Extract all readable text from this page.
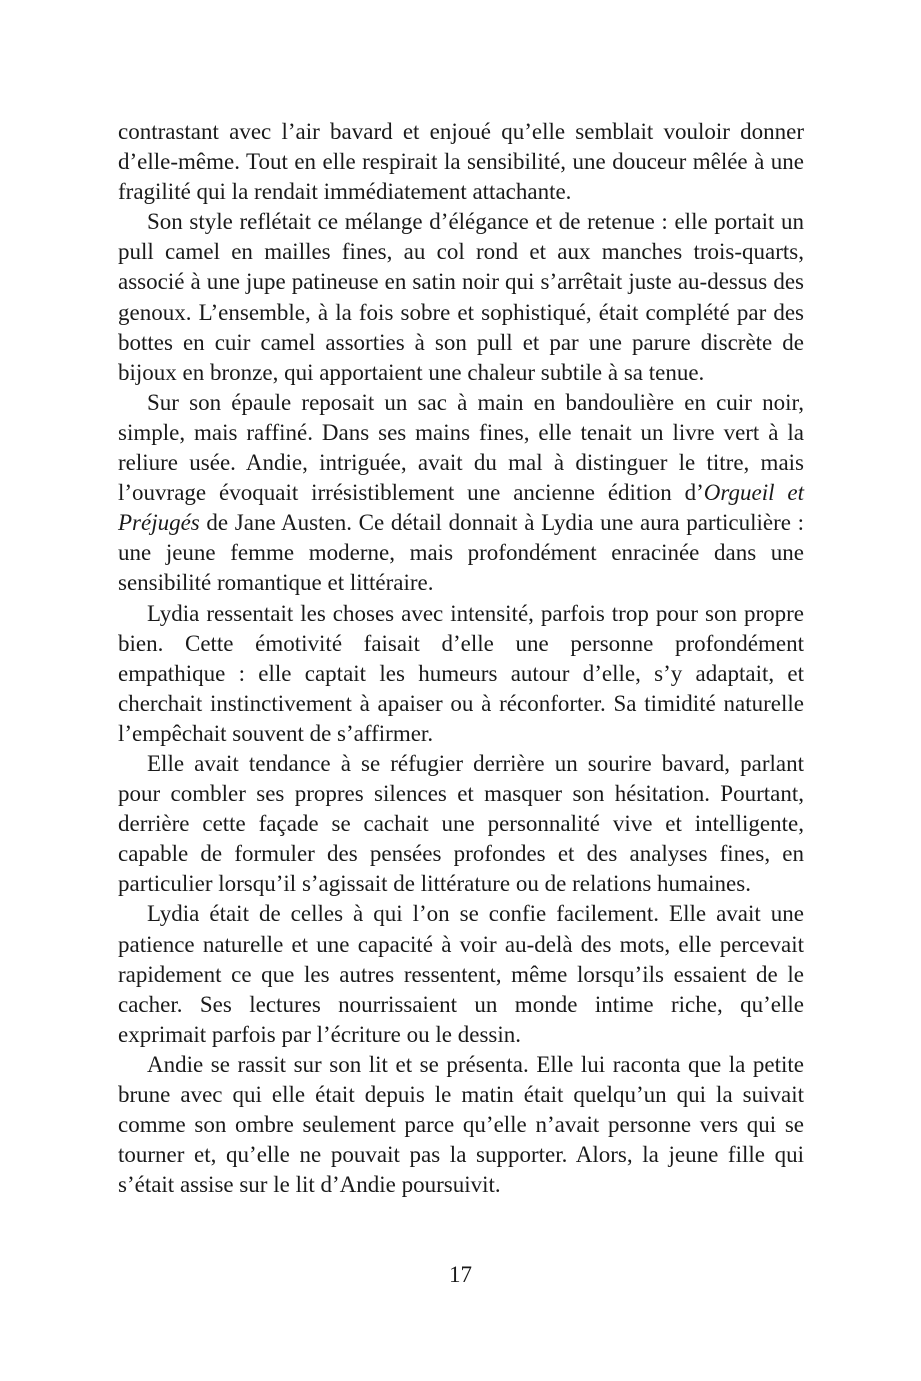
contrastant avec l’air bavard et enjoué qu’elle semblait vouloir donner d’elle-même. Tout en elle respirait la sensibilité, une douceur mêlée à une fragilité qui la rendait immédiatement attachante.

Son style reflétait ce mélange d’élégance et de retenue : elle portait un pull camel en mailles fines, au col rond et aux manches trois-quarts, associé à une jupe patineuse en satin noir qui s’arrêtait juste au-dessus des genoux. L’ensemble, à la fois sobre et sophistiqué, était complété par des bottes en cuir camel assorties à son pull et par une parure discrète de bijoux en bronze, qui apportaient une chaleur subtile à sa tenue.

Sur son épaule reposait un sac à main en bandoulière en cuir noir, simple, mais raffiné. Dans ses mains fines, elle tenait un livre vert à la reliure usée. Andie, intriguée, avait du mal à distinguer le titre, mais l’ouvrage évoquait irrésistiblement une ancienne édition d’Orgueil et Préjugés de Jane Austen. Ce détail donnait à Lydia une aura particulière : une jeune femme moderne, mais profondément enracinée dans une sensibilité romantique et littéraire.

Lydia ressentait les choses avec intensité, parfois trop pour son propre bien. Cette émotivité faisait d’elle une personne profondément empathique : elle captait les humeurs autour d’elle, s’y adaptait, et cherchait instinctivement à apaiser ou à réconforter. Sa timidité naturelle l’empêchait souvent de s’affirmer.

Elle avait tendance à se réfugier derrière un sourire bavard, parlant pour combler ses propres silences et masquer son hésitation. Pourtant, derrière cette façade se cachait une personnalité vive et intelligente, capable de formuler des pensées profondes et des analyses fines, en particulier lorsqu’il s’agissait de littérature ou de relations humaines.

Lydia était de celles à qui l’on se confie facilement. Elle avait une patience naturelle et une capacité à voir au-delà des mots, elle percevait rapidement ce que les autres ressentent, même lorsqu’ils essaient de le cacher. Ses lectures nourrissaient un monde intime riche, qu’elle exprimait parfois par l’écriture ou le dessin.

Andie se rassit sur son lit et se présenta. Elle lui raconta que la petite brune avec qui elle était depuis le matin était quelqu’un qui la suivait comme son ombre seulement parce qu’elle n’avait personne vers qui se tourner et, qu’elle ne pouvait pas la supporter. Alors, la jeune fille qui s’était assise sur le lit d’Andie poursuivit.

17
